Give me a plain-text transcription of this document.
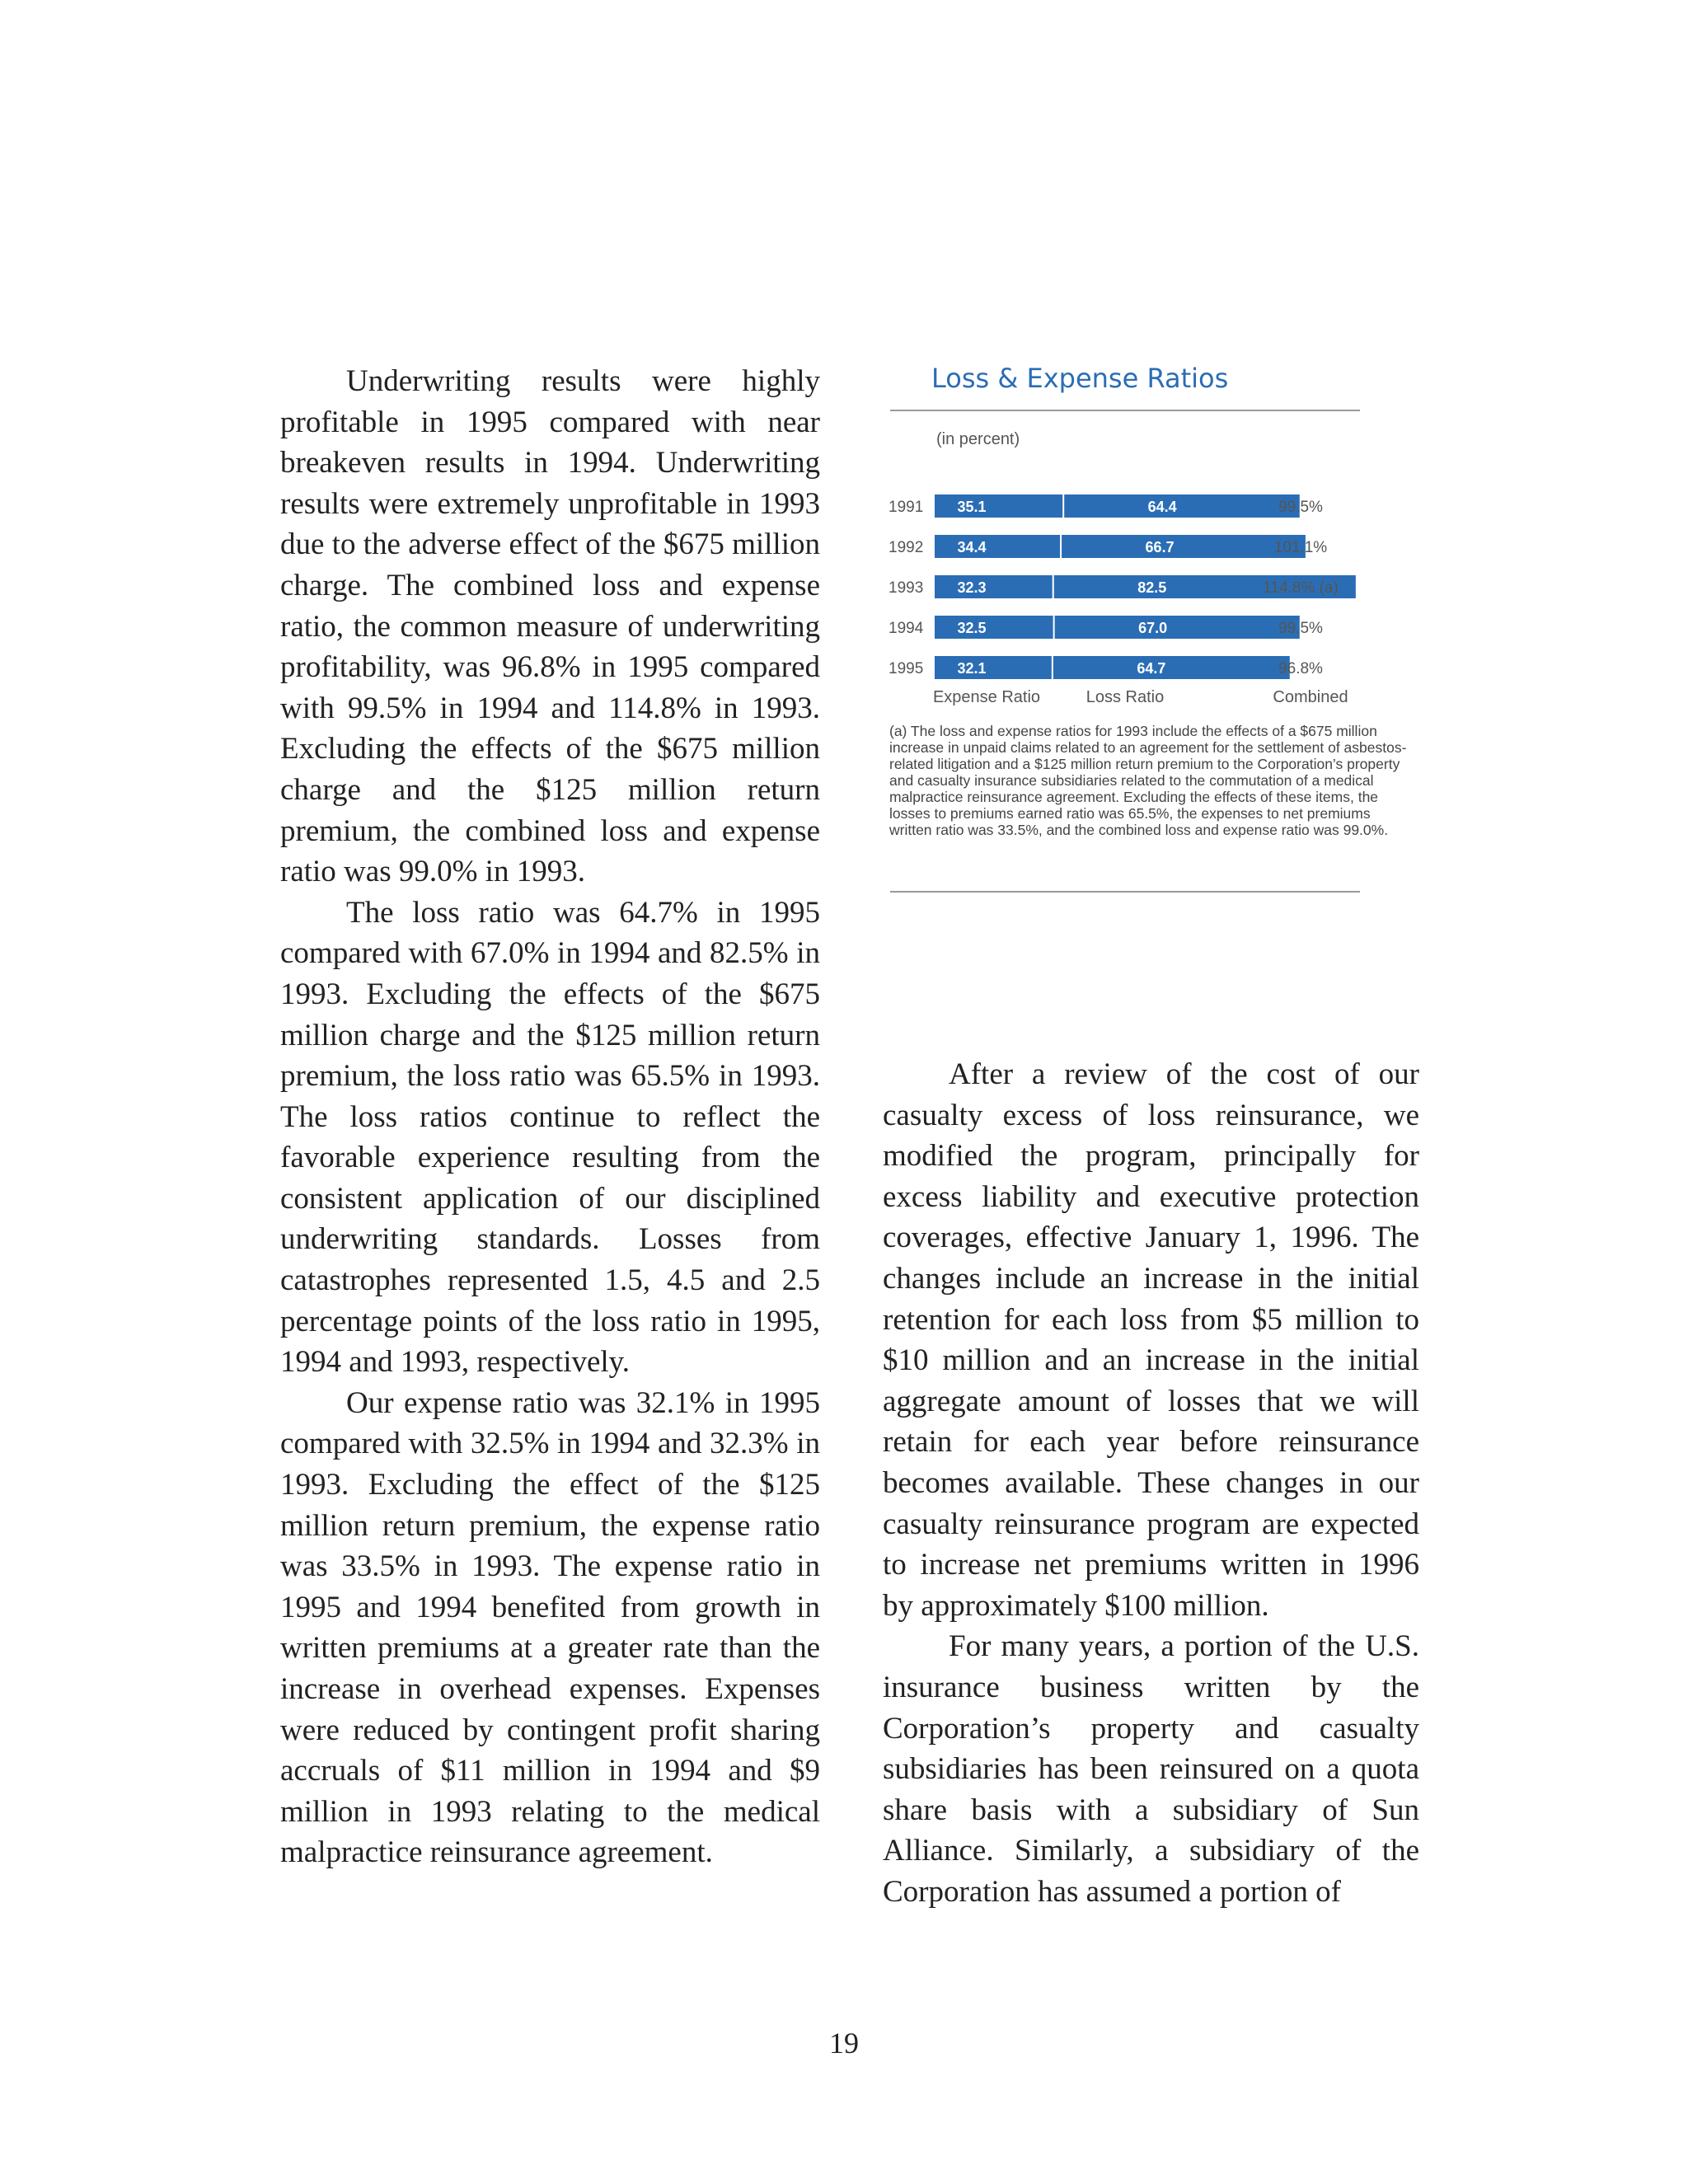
Underwriting results were highly profitable in 1995 compared with near breakeven results in 1994. Underwriting results were extremely unprofitable in 1993 due to the adverse effect of the $675 million charge. The combined loss and expense ratio, the common measure of underwriting profitability, was 96.8% in 1995 compared with 99.5% in 1994 and 114.8% in 1993. Excluding the effects of the $675 million charge and the $125 million return premium, the combined loss and expense ratio was 99.0% in 1993.

The loss ratio was 64.7% in 1995 compared with 67.0% in 1994 and 82.5% in 1993. Excluding the effects of the $675 million charge and the $125 million return premium, the loss ratio was 65.5% in 1993. The loss ratios continue to reflect the favorable experience resulting from the consistent application of our disciplined underwriting standards. Losses from catastrophes represented 1.5, 4.5 and 2.5 percentage points of the loss ratio in 1995, 1994 and 1993, respectively.

Our expense ratio was 32.1% in 1995 compared with 32.5% in 1994 and 32.3% in 1993. Excluding the effect of the $125 million return premium, the expense ratio was 33.5% in 1993. The expense ratio in 1995 and 1994 benefited from growth in written premiums at a greater rate than the increase in overhead expenses. Expenses were reduced by contingent profit sharing accruals of $11 million in 1994 and $9 million in 1993 relating to the medical malpractice reinsurance agreement.

Loss & Expense Ratios
(in percent)
1991 35.1	64.4	99.5%
1992 34.4	66.7	101.1%
1993 32.3	82.5	114.8% (a)
1994 32.5	67.0	99.5%
1995 32.1	64.7	96.8%
Expense Ratio	Loss Ratio	Combined
(a) The loss and expense ratios for 1993 include the effects of a $675 million increase in unpaid claims related to an agreement for the settlement of asbestos-related litigation and a $125 million return premium to the Corporation’s property and casualty insurance subsidiaries related to the commutation of a medical malpractice reinsurance agreement. Excluding the effects of these items, the losses to premiums earned ratio was 65.5%, the expenses to net premiums written ratio was 33.5%, and the combined loss and expense ratio was 99.0%.

After a review of the cost of our casualty excess of loss reinsurance, we modified the program, principally for excess liability and executive protection coverages, effective January 1, 1996. The changes include an increase in the initial retention for each loss from $5 million to $10 million and an increase in the initial aggregate amount of losses that we will retain for each year before reinsurance becomes available. These changes in our casualty reinsurance program are expected to increase net premiums written in 1996 by approximately $100 million.

For many years, a portion of the U.S. insurance business written by the Corporation’s property and casualty subsidiaries has been reinsured on a quota share basis with a subsidiary of Sun Alliance. Similarly, a subsidiary of the Corporation has assumed a portion of

19
